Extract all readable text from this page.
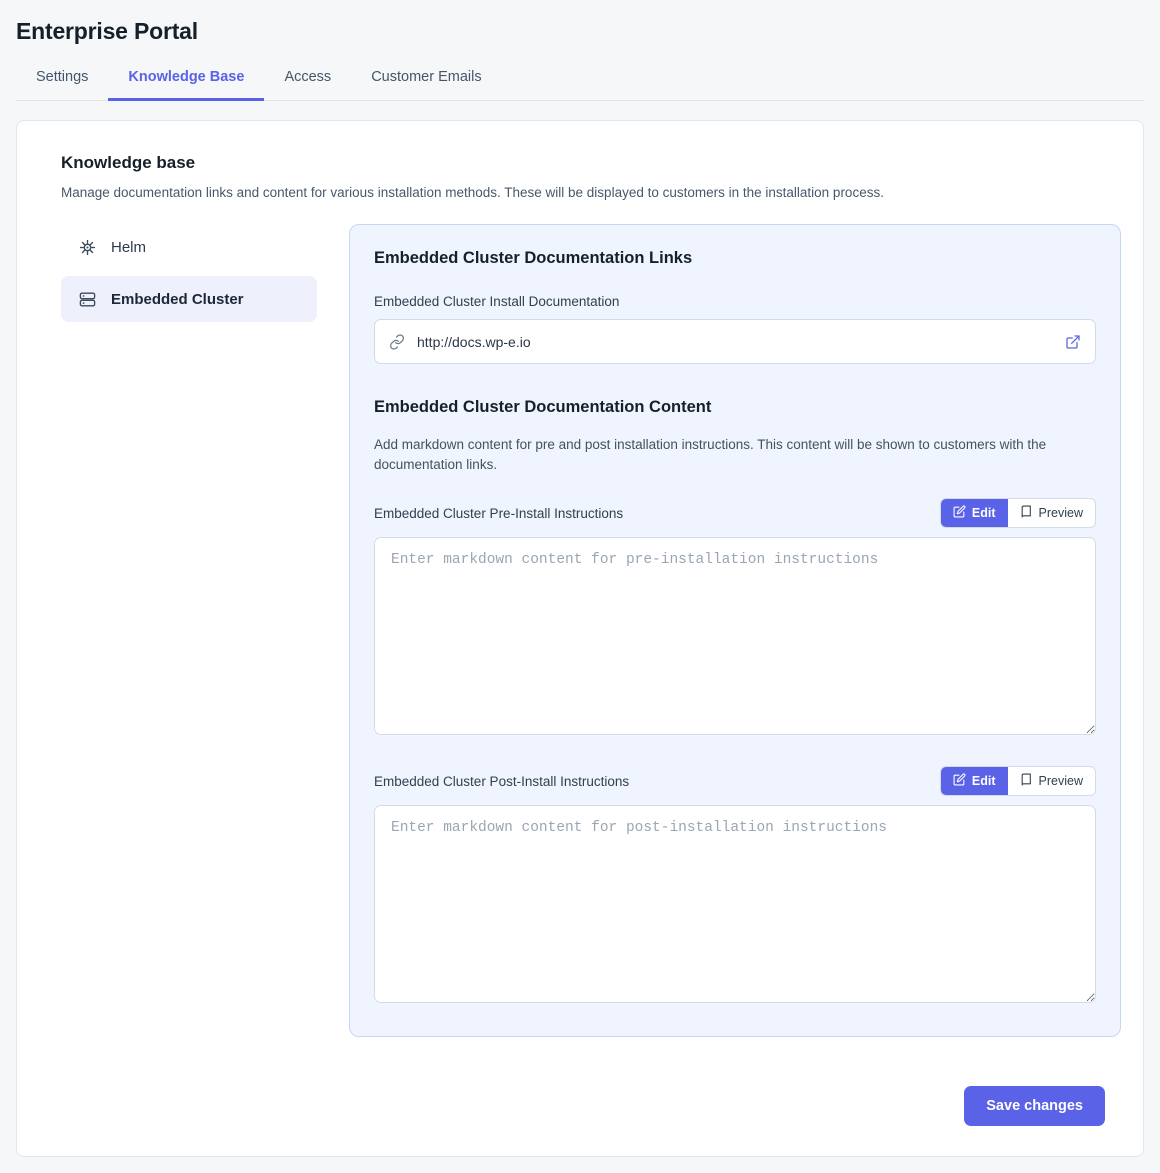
Enterprise Portal
Settings	Knowledge Base	Access	Customer Emails
Knowledge base
Manage documentation links and content for various installation methods. These will be displayed to customers in the installation process.
Helm
Embedded Cluster
Embedded Cluster Documentation Links
Embedded Cluster Install Documentation
http://docs.wp-e.io
Embedded Cluster Documentation Content

Add markdown content for pre and post installation instructions. This content will be shown to customers with the documentation links.

Embedded Cluster Pre-Install Instructions	Edit	Preview
Enter markdown content for pre-installation instructions
Embedded Cluster Post-Install Instructions	Edit	Preview
Enter markdown content for post-installation instructions
Save changes
